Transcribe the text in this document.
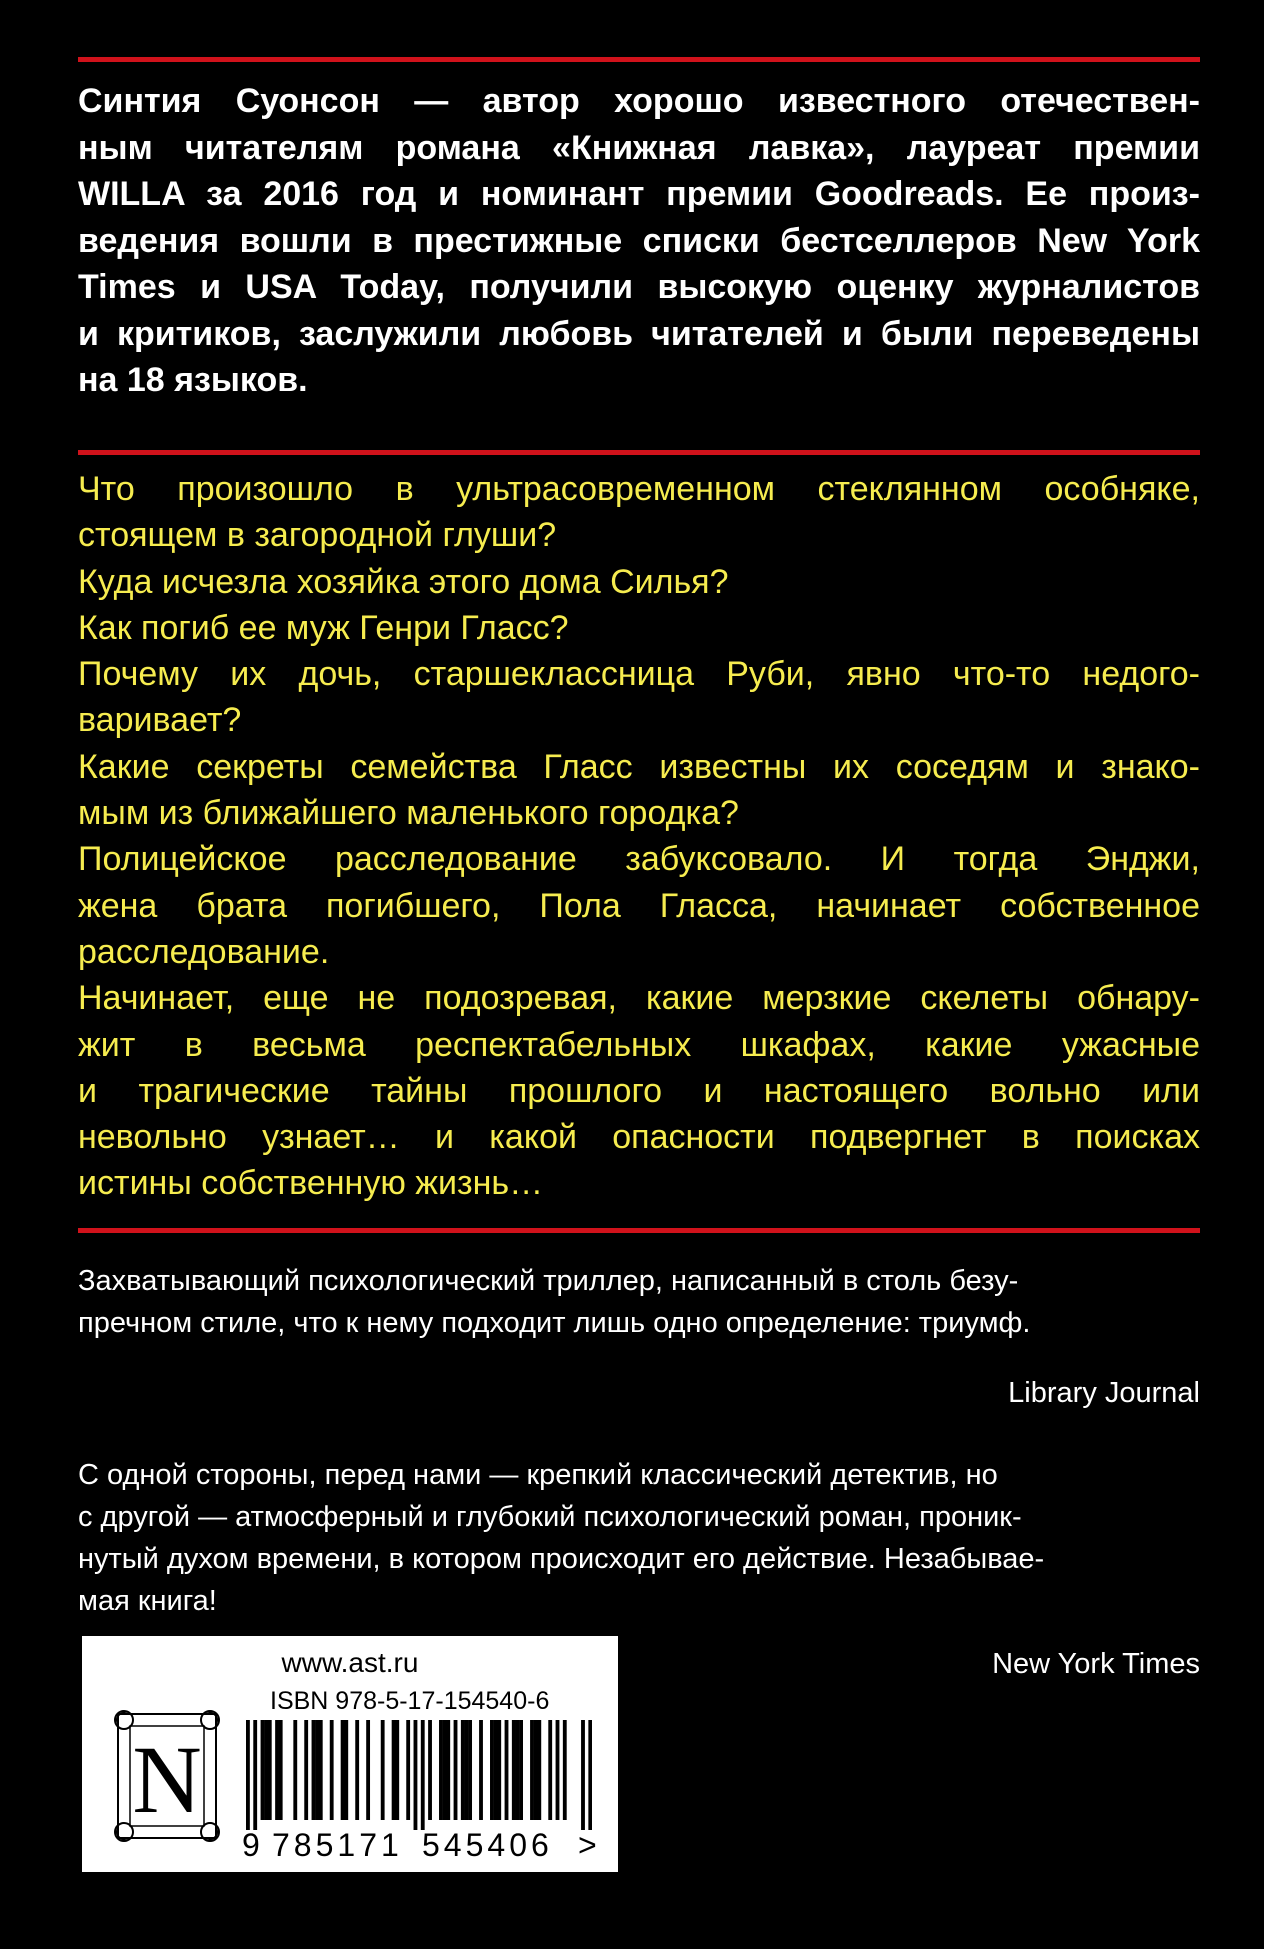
Синтия Суонсон — автор хорошо известного отечествен-
ным читателям романа «Книжная лавка», лауреат премии
WILLA за 2016 год и номинант премии Goodreads. Ее произ-
ведения вошли в престижные списки бестселлеров New York
Times и USA Today, получили высокую оценку журналистов
и критиков, заслужили любовь читателей и были переведены
на 18 языков.
Что произошло в ультрасовременном стеклянном особняке,
стоящем в загородной глуши?
Куда исчезла хозяйка этого дома Силья?
Как погиб ее муж Генри Гласс?
Почему их дочь, старшеклассница Руби, явно что-то недого-
варивает?
Какие секреты семейства Гласс известны их соседям и знако-
мым из ближайшего маленького городка?
Полицейское расследование забуксовало. И тогда Энджи,
жена брата погибшего, Пола Гласса, начинает собственное
расследование.
Начинает, еще не подозревая, какие мерзкие скелеты обнару-
жит в весьма респектабельных шкафах, какие ужасные
и трагические тайны прошлого и настоящего вольно или
невольно узнает… и какой опасности подвергнет в поисках
истины собственную жизнь…
Захватывающий психологический триллер, написанный в столь безу-
пречном стиле, что к нему подходит лишь одно определение: триумф.
Library Journal
С одной стороны, перед нами — крепкий классический детектив, но
с другой — атмосферный и глубокий психологический роман, проник-
нутый духом времени, в котором происходит его действие. Незабывае-
мая книга!
New York Times
www.ast.ru
ISBN 978-5-17-154540-6
N
9 785171 545406 >
